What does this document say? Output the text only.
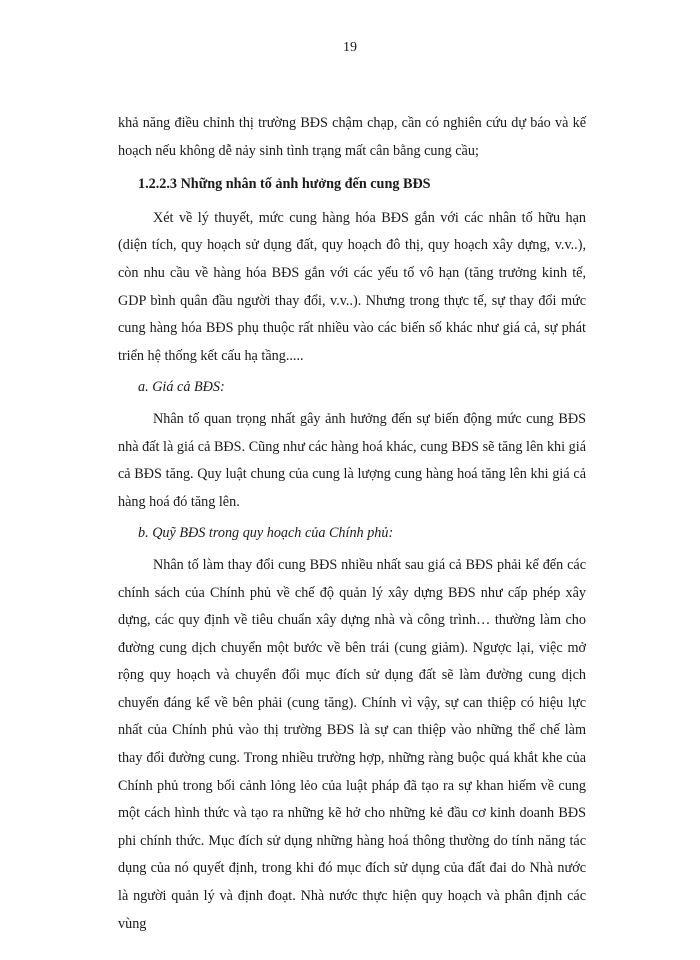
19

khả năng điều chỉnh thị trường BĐS chậm chạp, cần có nghiên cứu dự báo và kế hoạch nếu không dễ nảy sinh tình trạng mất cân bằng cung cầu;

1.2.2.3 Những nhân tố ảnh hưởng đến cung BĐS

Xét về lý thuyết, mức cung hàng hóa BĐS gắn với các nhân tố hữu hạn (diện tích, quy hoạch sử dụng đất, quy hoạch đô thị, quy hoạch xây dựng, v.v..), còn nhu cầu về hàng hóa BĐS gắn với các yếu tố vô hạn (tăng trưởng kinh tế, GDP bình quân đầu người thay đổi, v.v..). Nhưng trong thực tế, sự thay đổi mức cung hàng hóa BĐS phụ thuộc rất nhiều vào các biến số khác như giá cả, sự phát triển hệ thống kết cấu hạ tầng.....

a. Giá cả BĐS:

Nhân tố quan trọng nhất gây ảnh hưởng đến sự biến động mức cung BĐS nhà đất là giá cả BĐS. Cũng như các hàng hoá khác, cung BĐS sẽ tăng lên khi giá cả BĐS tăng. Quy luật chung của cung là lượng cung hàng hoá tăng lên khi giá cả hàng hoá đó tăng lên.

b. Quỹ BĐS trong quy hoạch của Chính phủ:

Nhân tố làm thay đổi cung BĐS nhiều nhất sau giá cả BĐS phải kể đến các chính sách của Chính phủ về chế độ quản lý xây dựng BĐS như cấp phép xây dựng, các quy định về tiêu chuẩn xây dựng nhà và công trình… thường làm cho đường cung dịch chuyển một bước về bên trái (cung giảm). Ngược lại, việc mở rộng quy hoạch và chuyển đổi mục đích sử dụng đất sẽ làm đường cung dịch chuyển đáng kể về bên phải (cung tăng). Chính vì vậy, sự can thiệp có hiệu lực nhất của Chính phủ vào thị trường BĐS là sự can thiệp vào những thể chế làm thay đổi đường cung. Trong nhiều trường hợp, những ràng buộc quá khắt khe của Chính phủ trong bối cảnh lỏng lẻo của luật pháp đã tạo ra sự khan hiếm về cung một cách hình thức và tạo ra những kẽ hở cho những kẻ đầu cơ kinh doanh BĐS phi chính thức. Mục đích sử dụng những hàng hoá thông thường do tính năng tác dụng của nó quyết định, trong khi đó mục đích sử dụng của đất đai do Nhà nước là người quản lý và định đoạt. Nhà nước thực hiện quy hoạch và phân định các vùng
